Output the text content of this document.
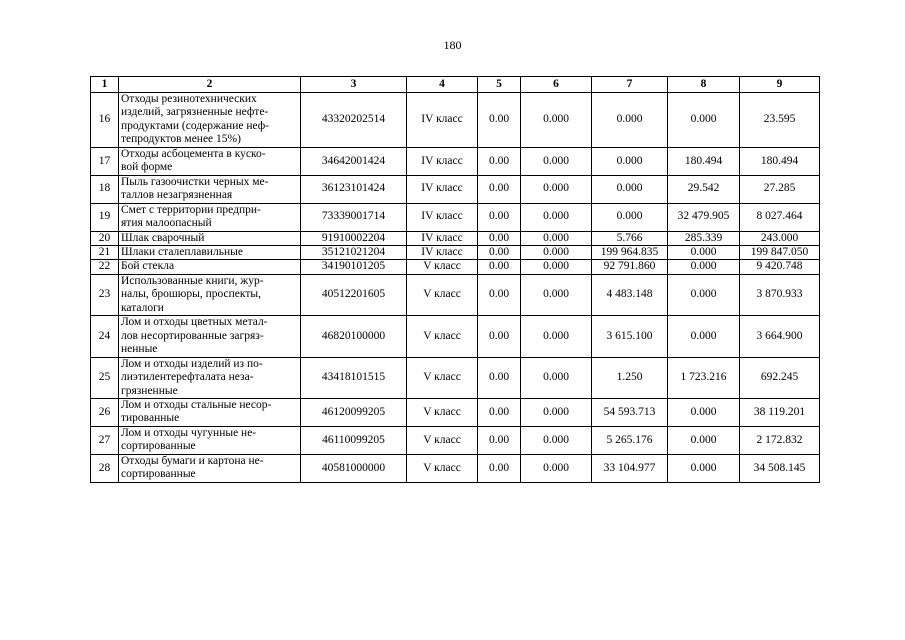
180
1	2	3	4	5	6	7	8	9
16	Отходы резинотехнических
изделий, загрязненные нефте-
продуктами (содержание неф-
тепродуктов менее 15%)	43320202514	IV класс	0.00	0.000	0.000	0.000	23.595
17	Отходы асбоцемента в куско-
вой форме	34642001424	IV класс	0.00	0.000	0.000	180.494	180.494
18	Пыль газоочистки черных ме-
таллов незагрязненная	36123101424	IV класс	0.00	0.000	0.000	29.542	27.285
19	Смет с территории предпри-
ятия малоопасный	73339001714	IV класс	0.00	0.000	0.000	32 479.905	8 027.464
20	Шлак сварочный	91910002204	IV класс	0.00	0.000	5.766	285.339	243.000
21	Шлаки сталеплавильные	35121021204	IV класс	0.00	0.000	199 964.835	0.000	199 847.050
22	Бой стекла	34190101205	V класс	0.00	0.000	92 791.860	0.000	9 420.748
23	Использованные книги, жур-
налы, брошюры, проспекты,
каталоги	40512201605	V класс	0.00	0.000	4 483.148	0.000	3 870.933
24	Лом и отходы цветных метал-
лов несортированные загряз-
ненные	46820100000	V класс	0.00	0.000	3 615.100	0.000	3 664.900
25	Лом и отходы изделий из по-
лиэтилентерефталата неза-
грязненные	43418101515	V класс	0.00	0.000	1.250	1 723.216	692.245
26	Лом и отходы стальные несор-
тированные	46120099205	V класс	0.00	0.000	54 593.713	0.000	38 119.201
27	Лом и отходы чугунные не-
сортированные	46110099205	V класс	0.00	0.000	5 265.176	0.000	2 172.832
28	Отходы бумаги и картона не-
сортированные	40581000000	V класс	0.00	0.000	33 104.977	0.000	34 508.145
